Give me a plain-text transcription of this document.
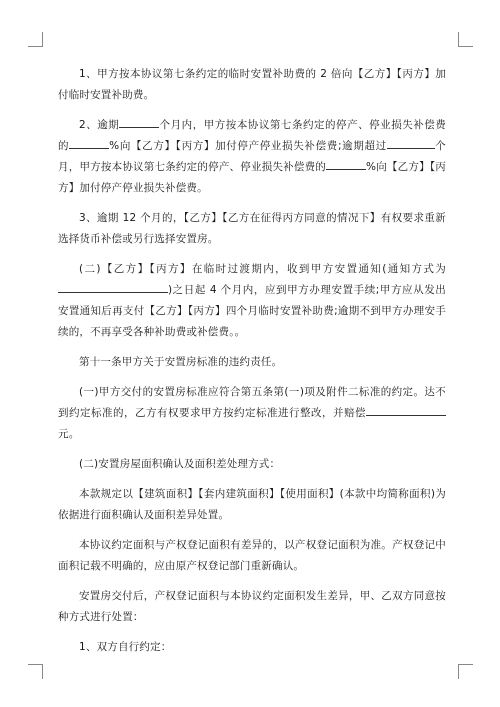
1、甲方按本协议第七条约定的临时安置补助费的 2 倍向【乙方】【丙方】加付临时安置补助费。

2、逾期	个月内，甲方按本协议第七条约定的停产、停业损失补偿费的	%向【乙方】【丙方】加付停产停业损失补偿费;逾期超过	个月，甲方按本协议第七条约定的停产、停业损失补偿费的	%向【乙方】【丙方】加付停产停业损失补偿费。

3、逾期 12 个月的，【乙方】【乙方在征得丙方同意的情况下】有权要求重新选择货币补偿或另行选择安置房。

(二)【乙方】【丙方】在临时过渡期内，收到甲方安置通知(通知方式为)之日起 4 个月内，应到甲方办理安置手续;甲方应从发出安置通知后再支付【乙方】【丙方】四个月临时安置补助费;逾期不到甲方办理安手续的，不再享受各种补助费或补偿费。。

第十一条甲方关于安置房标准的违约责任。

(一)甲方交付的安置房标准应符合第五条第(一)项及附件二标准的约定。达不到约定标准的，乙方有权要求甲方按约定标准进行整改，并赔偿元。

(二)安置房屋面积确认及面积差处理方式：

本款规定以【建筑面积】【套内建筑面积】【使用面积】(本款中均简称面积)为依据进行面积确认及面积差异处置。

本协议约定面积与产权登记面积有差异的，以产权登记面积为准。产权登记中面积记载不明确的，应由原产权登记部门重新确认。

安置房交付后，产权登记面积与本协议约定面积发生差异，甲、乙双方同意按种方式进行处置：

1、双方自行约定：
